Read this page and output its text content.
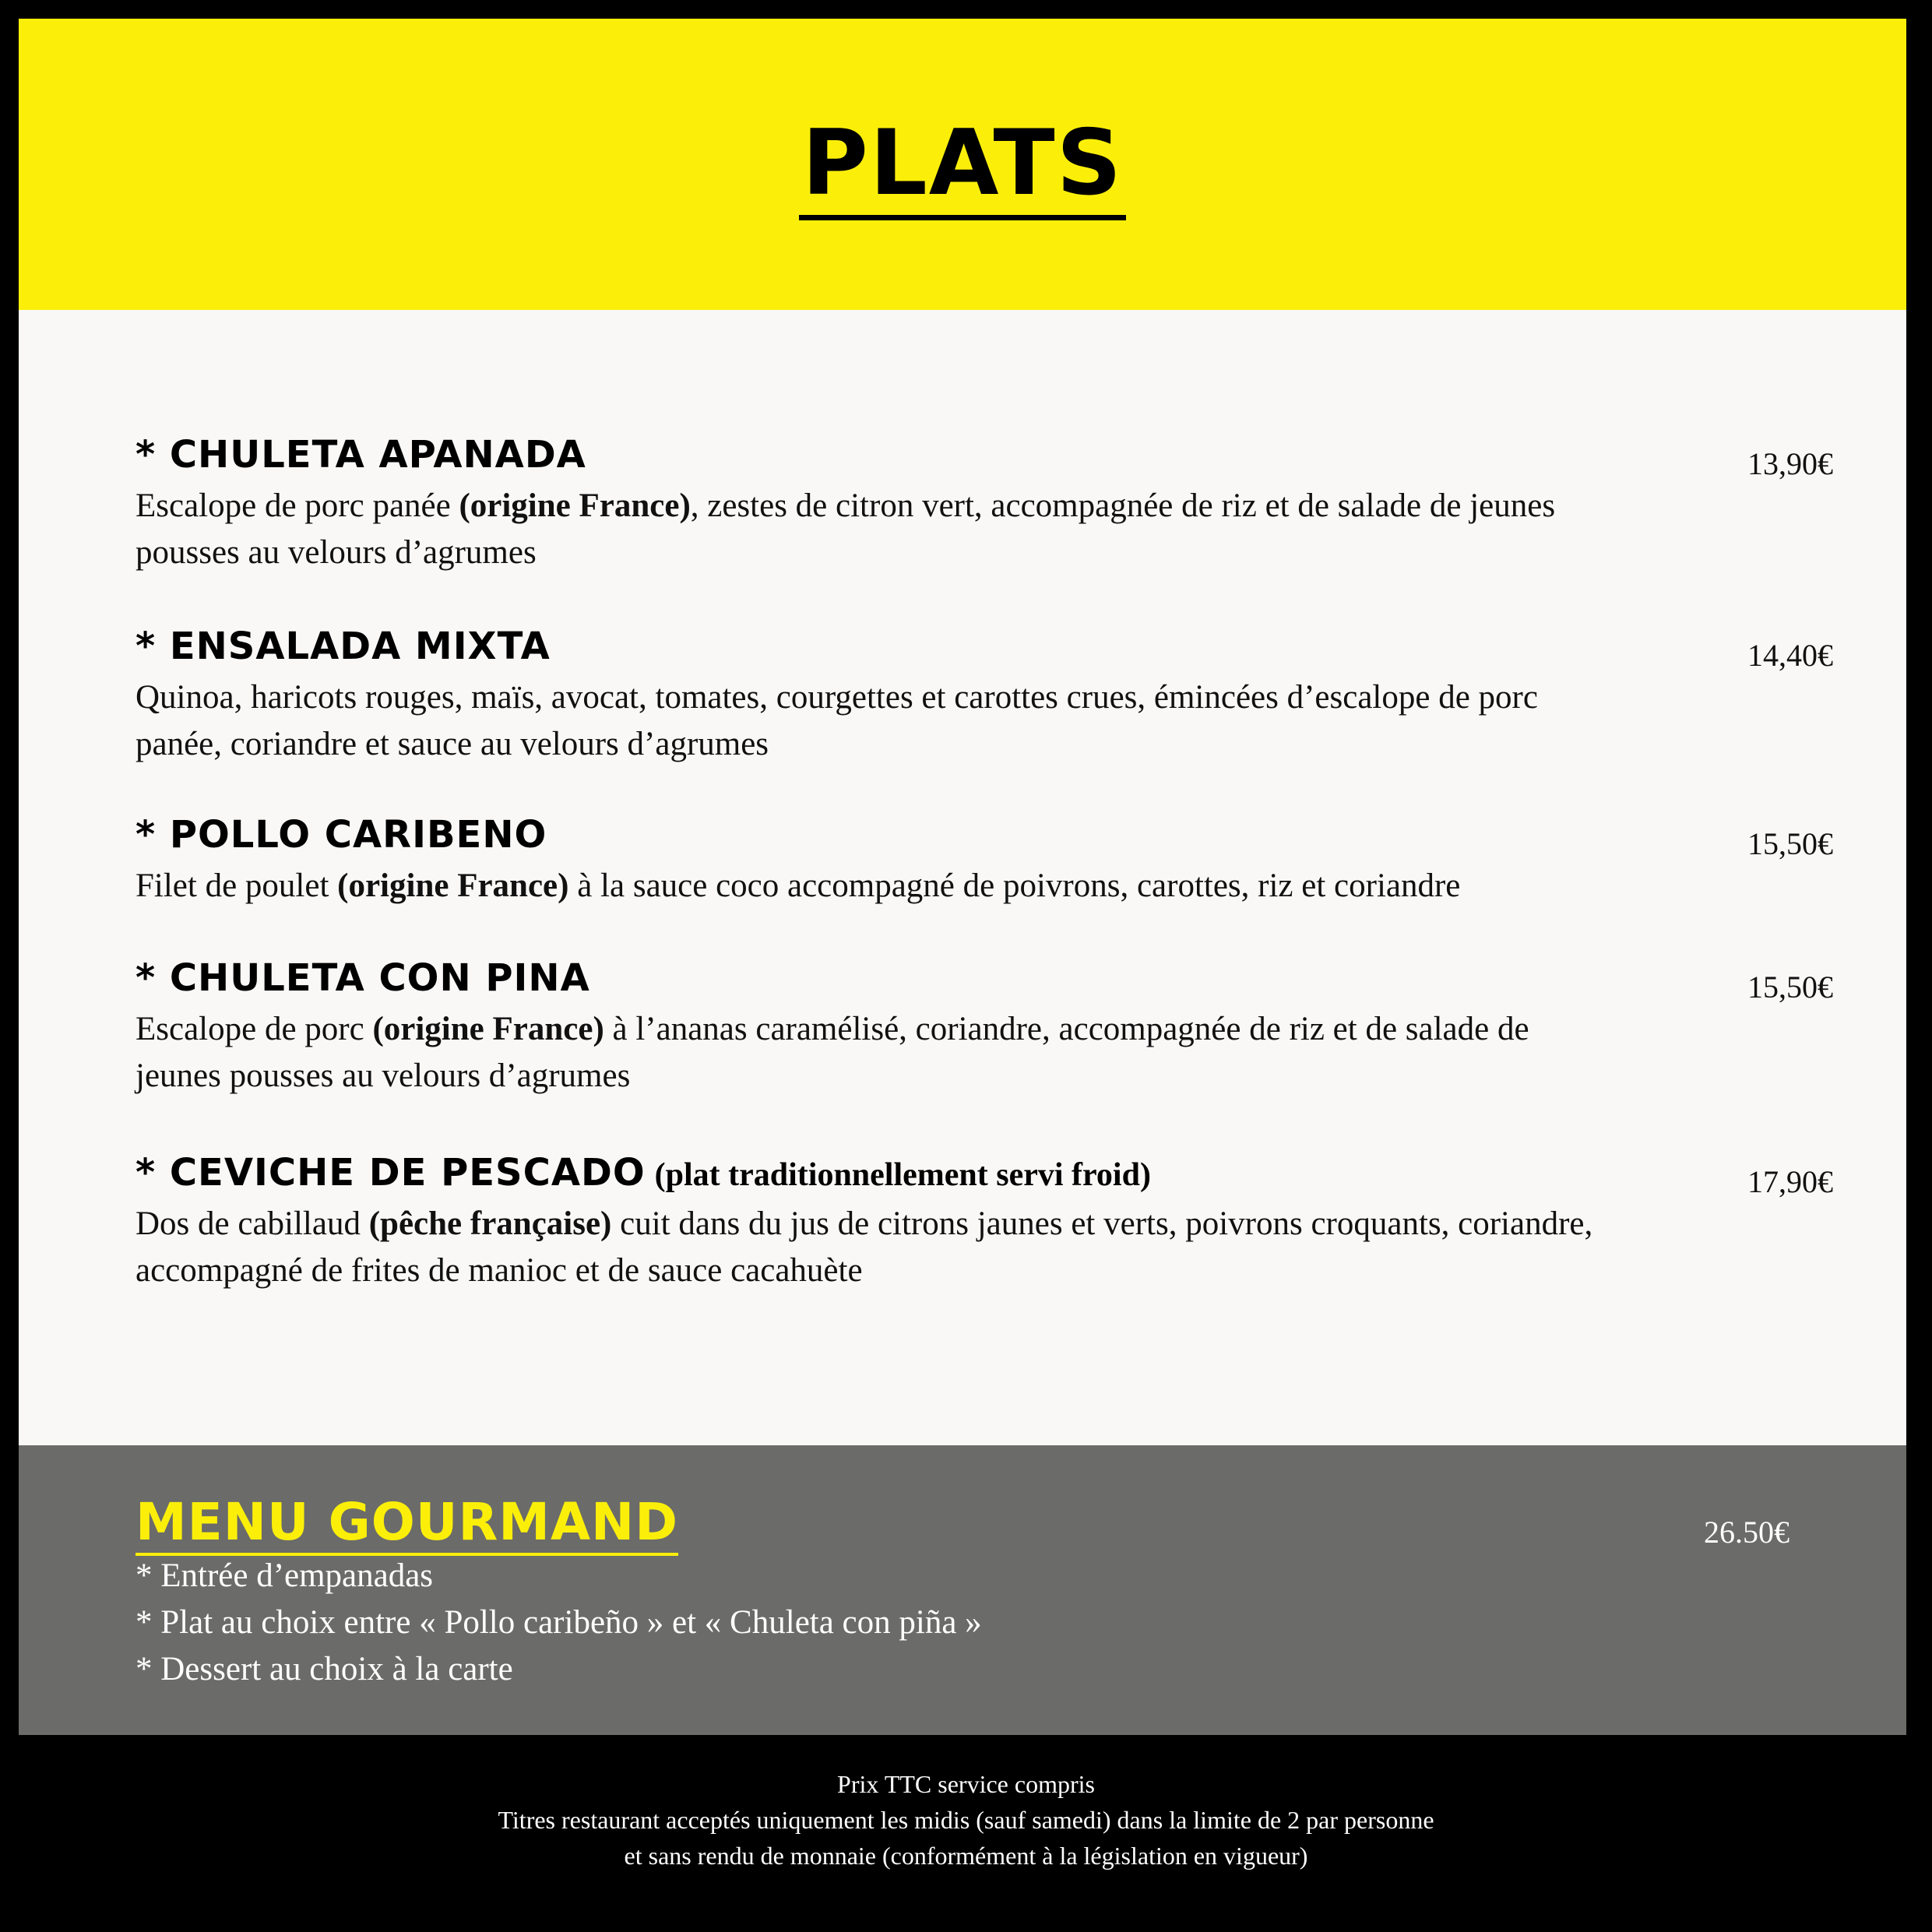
PLATS
* CHULETA APANADA	13,90€
Escalope de porc panée (origine France), zestes de citron vert, accompagnée de riz et de salade de jeunes pousses au velours d’agrumes
* ENSALADA MIXTA	14,40€
Quinoa, haricots rouges, maïs, avocat, tomates, courgettes et carottes crues, émincées d’escalope de porc panée, coriandre et sauce au velours d’agrumes
* POLLO CARIBENO	15,50€
Filet de poulet (origine France) à la sauce coco accompagné de poivrons, carottes, riz et coriandre
* CHULETA CON PINA	15,50€
Escalope de porc (origine France) à l’ananas caramélisé, coriandre, accompagnée de riz et de salade de jeunes pousses au velours d’agrumes
* CEVICHE DE PESCADO (plat traditionnellement servi froid)	17,90€
Dos de cabillaud (pêche française) cuit dans du jus de citrons jaunes et verts, poivrons croquants, coriandre, accompagné de frites de manioc et de sauce cacahuète
MENU GOURMAND	26.50€
* Entrée d’empanadas
* Plat au choix entre « Pollo caribeño » et « Chuleta con piña »
* Dessert au choix à la carte
Prix TTC service compris
Titres restaurant acceptés uniquement les midis (sauf samedi) dans la limite de 2 par personne
et sans rendu de monnaie (conformément à la législation en vigueur)
